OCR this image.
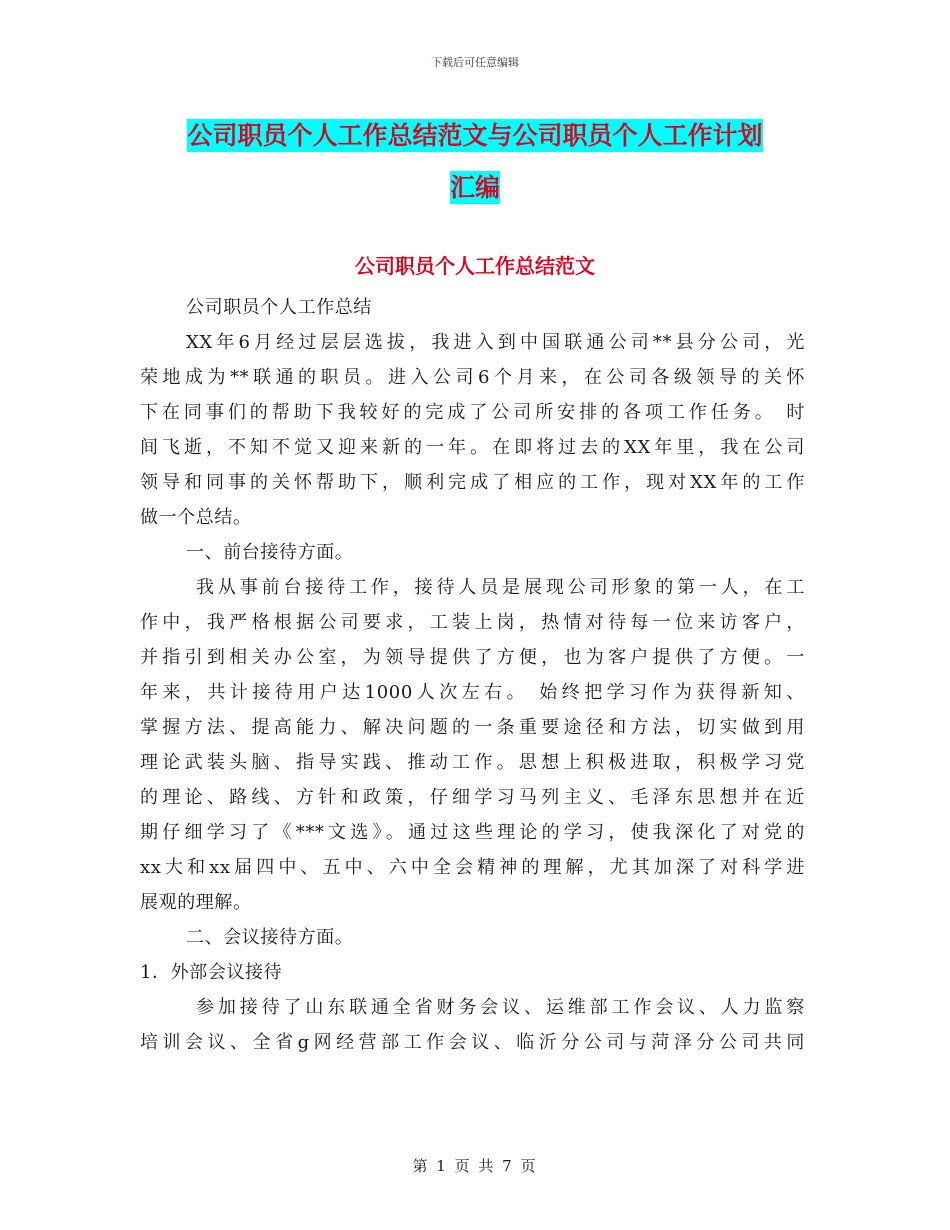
下载后可任意编辑
公司职员个人工作总结范文与公司职员个人工作计划
汇编
公司职员个人工作总结范文
公司职员个人工作总结
XX年6月经过层层选拔，我进入到中国联通公司**县分公司，光
荣地成为**联通的职员。进入公司6个月来，在公司各级领导的关怀
下在同事们的帮助下我较好的完成了公司所安排的各项工作任务。 时
间飞逝，不知不觉又迎来新的一年。在即将过去的XX年里，我在公司
领导和同事的关怀帮助下，顺利完成了相应的工作，现对XX年的工作
做一个总结。
一、前台接待方面。
我从事前台接待工作，接待人员是展现公司形象的第一人，在工
作中，我严格根据公司要求，工装上岗，热情对待每一位来访客户，
并指引到相关办公室，为领导提供了方便，也为客户提供了方便。一
年来，共计接待用户达1000人次左右。 始终把学习作为获得新知、
掌握方法、提高能力、解决问题的一条重要途径和方法，切实做到用
理论武装头脑、指导实践、推动工作。思想上积极进取，积极学习党
的理论、路线、方针和政策，仔细学习马列主义、毛泽东思想并在近
期仔细学习了《***文选》。通过这些理论的学习，使我深化了对党的
xx大和xx届四中、五中、六中全会精神的理解，尤其加深了对科学进
展观的理解。
二、会议接待方面。
1．外部会议接待
参加接待了山东联通全省财务会议、运维部工作会议、人力监察
培训会议、全省g网经营部工作会议、临沂分公司与菏泽分公司共同
第 1 页 共 7 页
